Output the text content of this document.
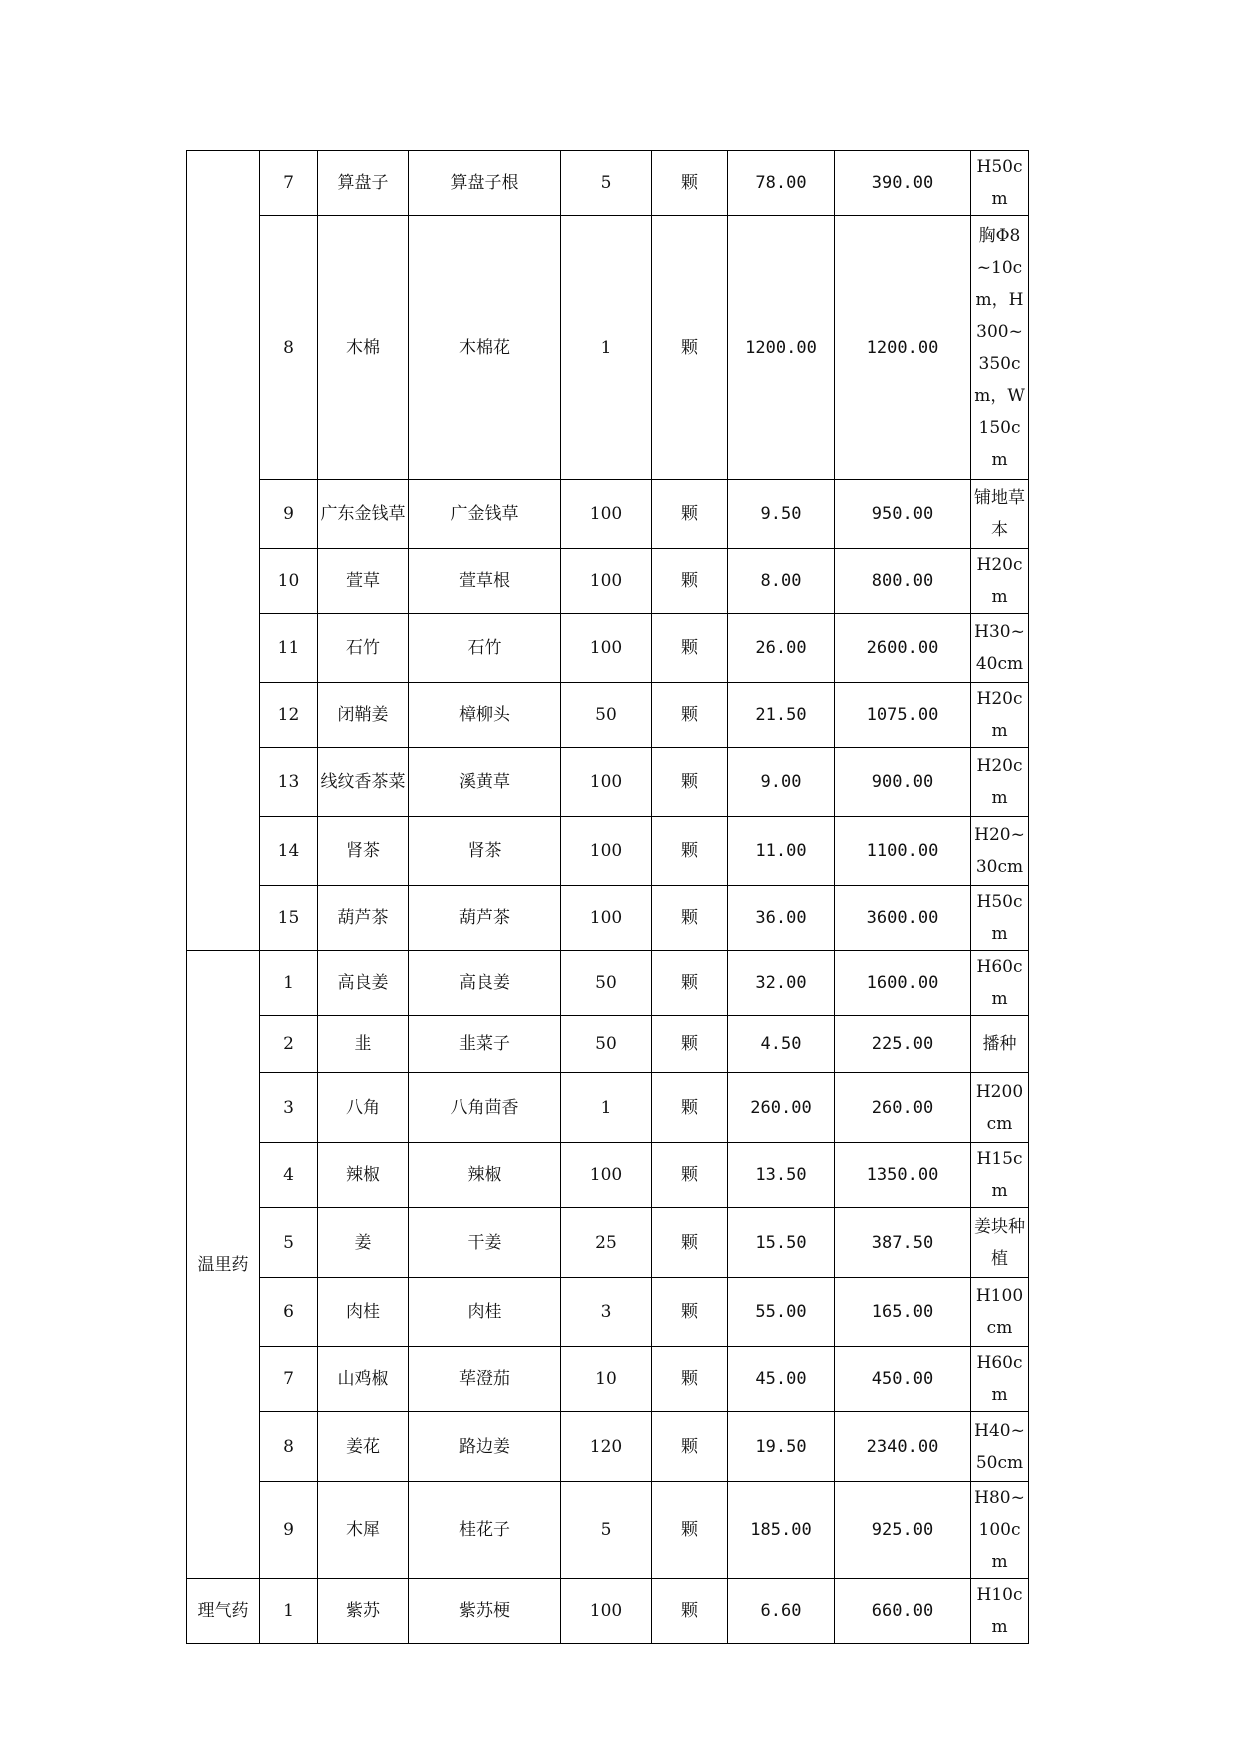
	7	算盘子	算盘子根	5	颗	78.00	390.00	H50cm
	8	木棉	木棉花	1	颗	1200.00	1200.00	胸Φ8~10cm，H300~350cm，W150cm
	9	广东金钱草	广金钱草	100	颗	9.50	950.00	铺地草本
	10	萱草	萱草根	100	颗	8.00	800.00	H20cm
	11	石竹	石竹	100	颗	26.00	2600.00	H30~40cm
	12	闭鞘姜	樟柳头	50	颗	21.50	1075.00	H20cm
	13	线纹香茶菜	溪黄草	100	颗	9.00	900.00	H20cm
	14	肾茶	肾茶	100	颗	11.00	1100.00	H20~30cm
	15	葫芦茶	葫芦茶	100	颗	36.00	3600.00	H50cm
温里药	1	高良姜	高良姜	50	颗	32.00	1600.00	H60cm
	2	韭	韭菜子	50	颗	4.50	225.00	播种
	3	八角	八角茴香	1	颗	260.00	260.00	H200cm
	4	辣椒	辣椒	100	颗	13.50	1350.00	H15cm
	5	姜	干姜	25	颗	15.50	387.50	姜块种植
	6	肉桂	肉桂	3	颗	55.00	165.00	H100cm
	7	山鸡椒	荜澄茄	10	颗	45.00	450.00	H60cm
	8	姜花	路边姜	120	颗	19.50	2340.00	H40~50cm
	9	木犀	桂花子	5	颗	185.00	925.00	H80~100cm
理气药	1	紫苏	紫苏梗	100	颗	6.60	660.00	H10cm
